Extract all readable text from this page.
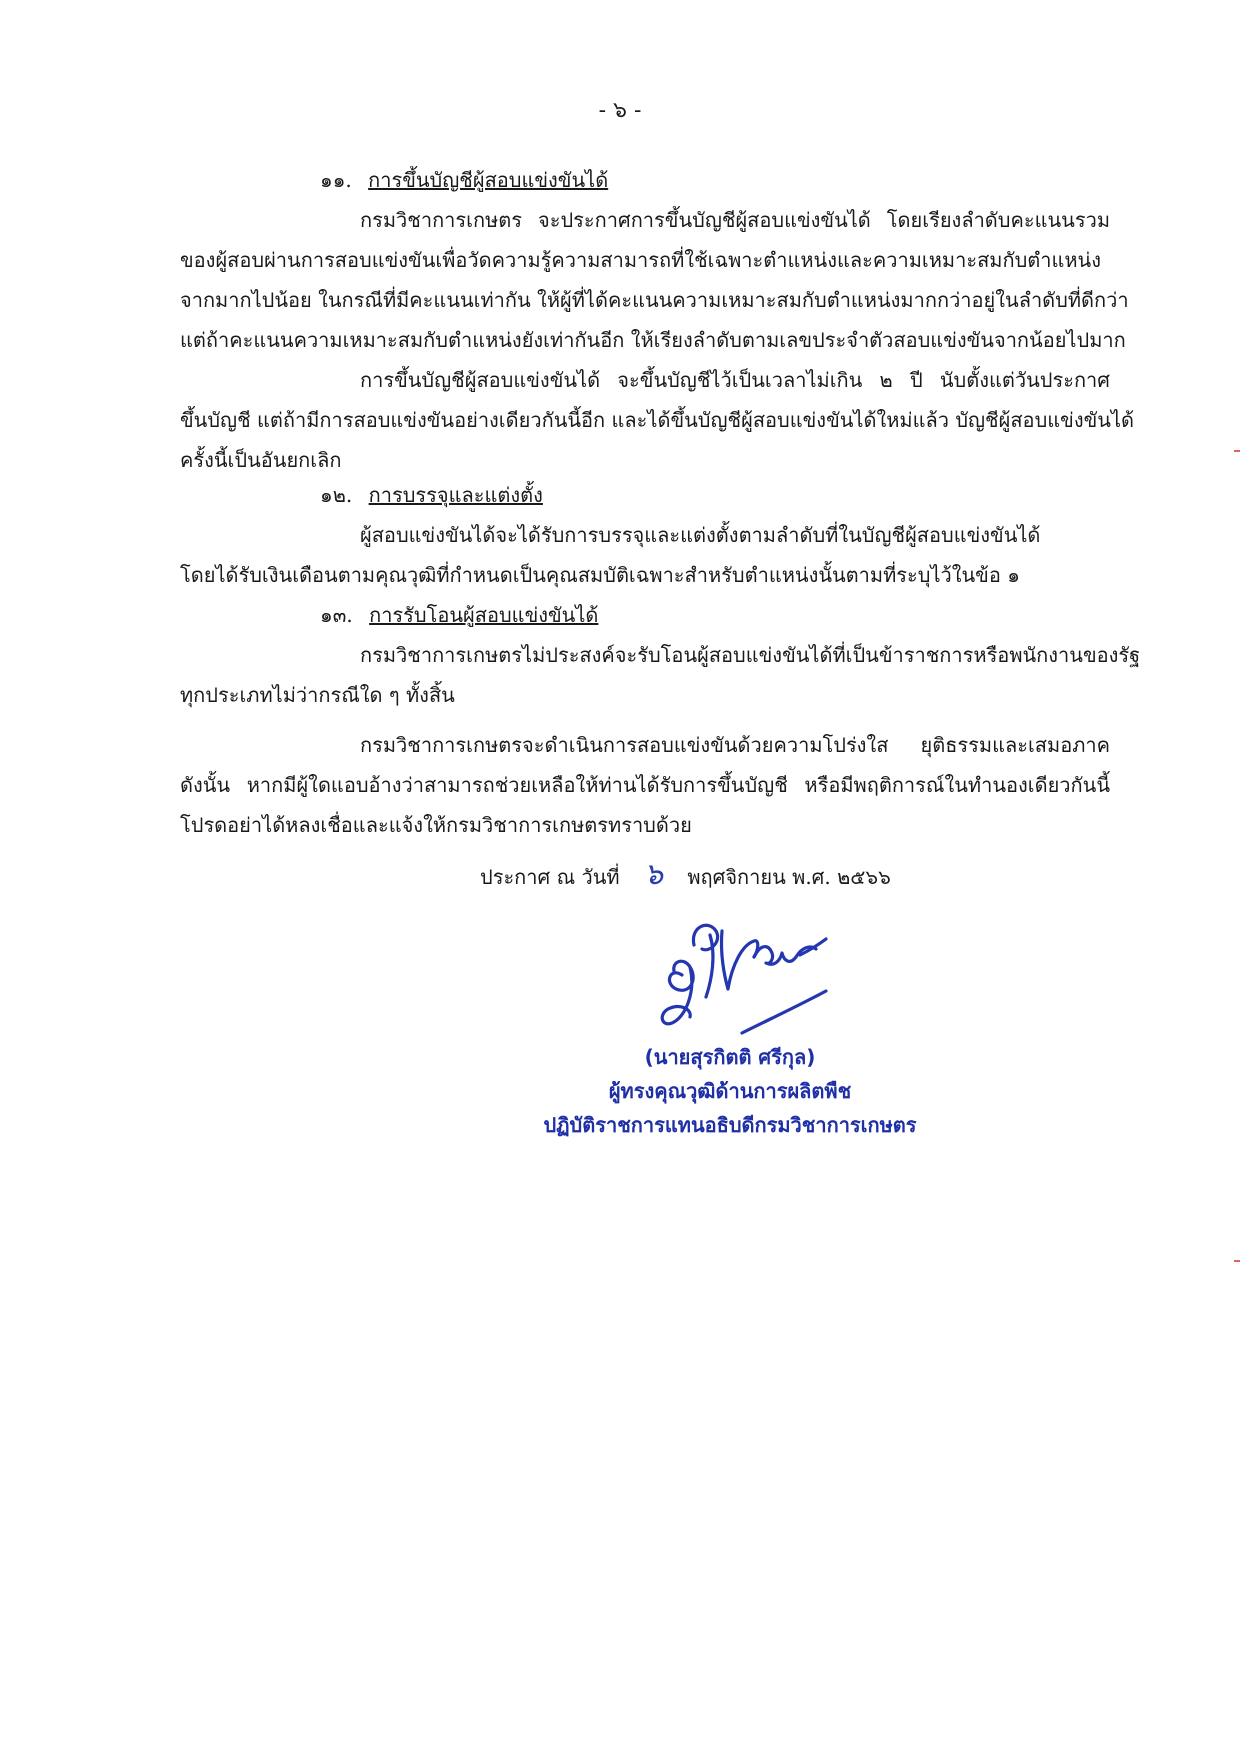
- ๖ -
๑๑. การขึ้นบัญชีผู้สอบแข่งขันได้
กรมวิชาการเกษตร จะประกาศการขึ้นบัญชีผู้สอบแข่งขันได้ โดยเรียงลำดับคะแนนรวม
ของผู้สอบผ่านการสอบแข่งขันเพื่อวัดความรู้ความสามารถที่ใช้เฉพาะตำแหน่งและความเหมาะสมกับตำแหน่ง
จากมากไปน้อย ในกรณีที่มีคะแนนเท่ากัน ให้ผู้ที่ได้คะแนนความเหมาะสมกับตำแหน่งมากกว่าอยู่ในลำดับที่ดีกว่า
แต่ถ้าคะแนนความเหมาะสมกับตำแหน่งยังเท่ากันอีก ให้เรียงลำดับตามเลขประจำตัวสอบแข่งขันจากน้อยไปมาก
การขึ้นบัญชีผู้สอบแข่งขันได้ จะขึ้นบัญชีไว้เป็นเวลาไม่เกิน ๒ ปี นับตั้งแต่วันประกาศ
ขึ้นบัญชี แต่ถ้ามีการสอบแข่งขันอย่างเดียวกันนี้อีก และได้ขึ้นบัญชีผู้สอบแข่งขันได้ใหม่แล้ว บัญชีผู้สอบแข่งขันได้
ครั้งนี้เป็นอันยกเลิก
๑๒. การบรรจุและแต่งตั้ง
ผู้สอบแข่งขันได้จะได้รับการบรรจุและแต่งตั้งตามลำดับที่ในบัญชีผู้สอบแข่งขันได้
โดยได้รับเงินเดือนตามคุณวุฒิที่กำหนดเป็นคุณสมบัติเฉพาะสำหรับตำแหน่งนั้นตามที่ระบุไว้ในข้อ ๑
๑๓. การรับโอนผู้สอบแข่งขันได้
กรมวิชาการเกษตรไม่ประสงค์จะรับโอนผู้สอบแข่งขันได้ที่เป็นข้าราชการหรือพนักงานของรัฐ
ทุกประเภทไม่ว่ากรณีใด ๆ ทั้งสิ้น
กรมวิชาการเกษตรจะดำเนินการสอบแข่งขันด้วยความโปร่งใส ยุติธรรมและเสมอภาค
ดังนั้น หากมีผู้ใดแอบอ้างว่าสามารถช่วยเหลือให้ท่านได้รับการขึ้นบัญชี หรือมีพฤติการณ์ในทำนองเดียวกันนี้
โปรดอย่าได้หลงเชื่อและแจ้งให้กรมวิชาการเกษตรทราบด้วย
ประกาศ ณ วันที่ ๖ พฤศจิกายน พ.ศ. ๒๕๖๖
(นายสุรกิตติ ศรีกุล)
ผู้ทรงคุณวุฒิด้านการผลิตพืช
ปฏิบัติราชการแทนอธิบดีกรมวิชาการเกษตร
